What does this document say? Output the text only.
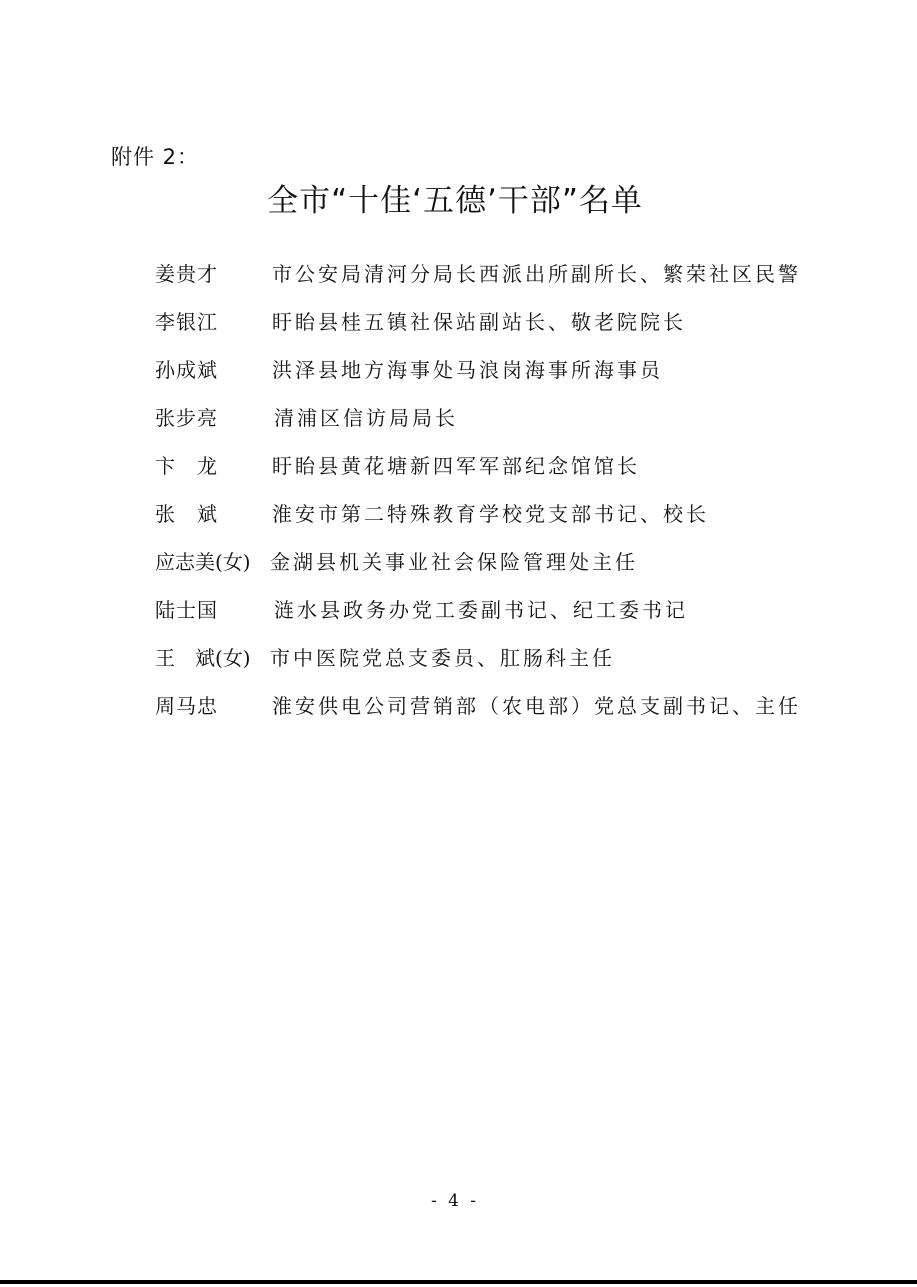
附件 2：
全市“十佳‘五德’干部”名单
姜贵才	市公安局清河分局长西派出所副所长、繁荣社区民警
李银江	盱眙县桂五镇社保站副站长、敬老院院长
孙成斌	洪泽县地方海事处马浪岗海事所海事员
张步亮	清浦区信访局局长
卞　龙	盱眙县黄花塘新四军军部纪念馆馆长
张　斌	淮安市第二特殊教育学校党支部书记、校长
应志美(女) 金湖县机关事业社会保险管理处主任
陆士国	涟水县政务办党工委副书记、纪工委书记
王　斌(女) 市中医院党总支委员、肛肠科主任
周马忠	淮安供电公司营销部（农电部）党总支副书记、主任
- 4 -
